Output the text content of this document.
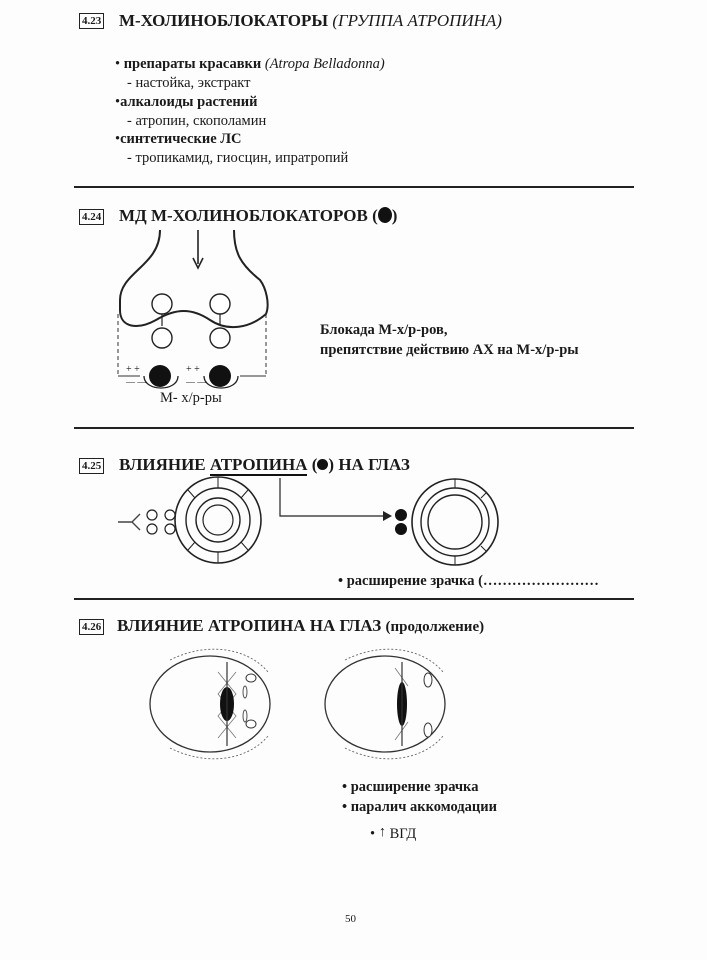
4.23 М-ХОЛИНОБЛОКАТОРЫ (ГРУППА АТРОПИНА)
• препараты красавки (Atropa Belladonna)
- настойка, экстракт
•алкалоиды растений
- атропин, скополамин
•синтетические ЛС
- тропикамид, гиосцин, ипратропий
4.24 МД М-ХОЛИНОБЛОКАТОРОВ ( )
+ +	+ +
— —	— —
М- х/р-ры
Блокада М-х/р-ров,
препятствие действию АХ на М-х/р-ры
4.25 ВЛИЯНИЕ АТРОПИНА ( ) НА ГЛАЗ
• расширение зрачка (……………………
4.26 ВЛИЯНИЕ АТРОПИНА НА ГЛАЗ (продолжение)
• расширение зрачка
• паралич аккомодации
• ↑ ВГД
50
